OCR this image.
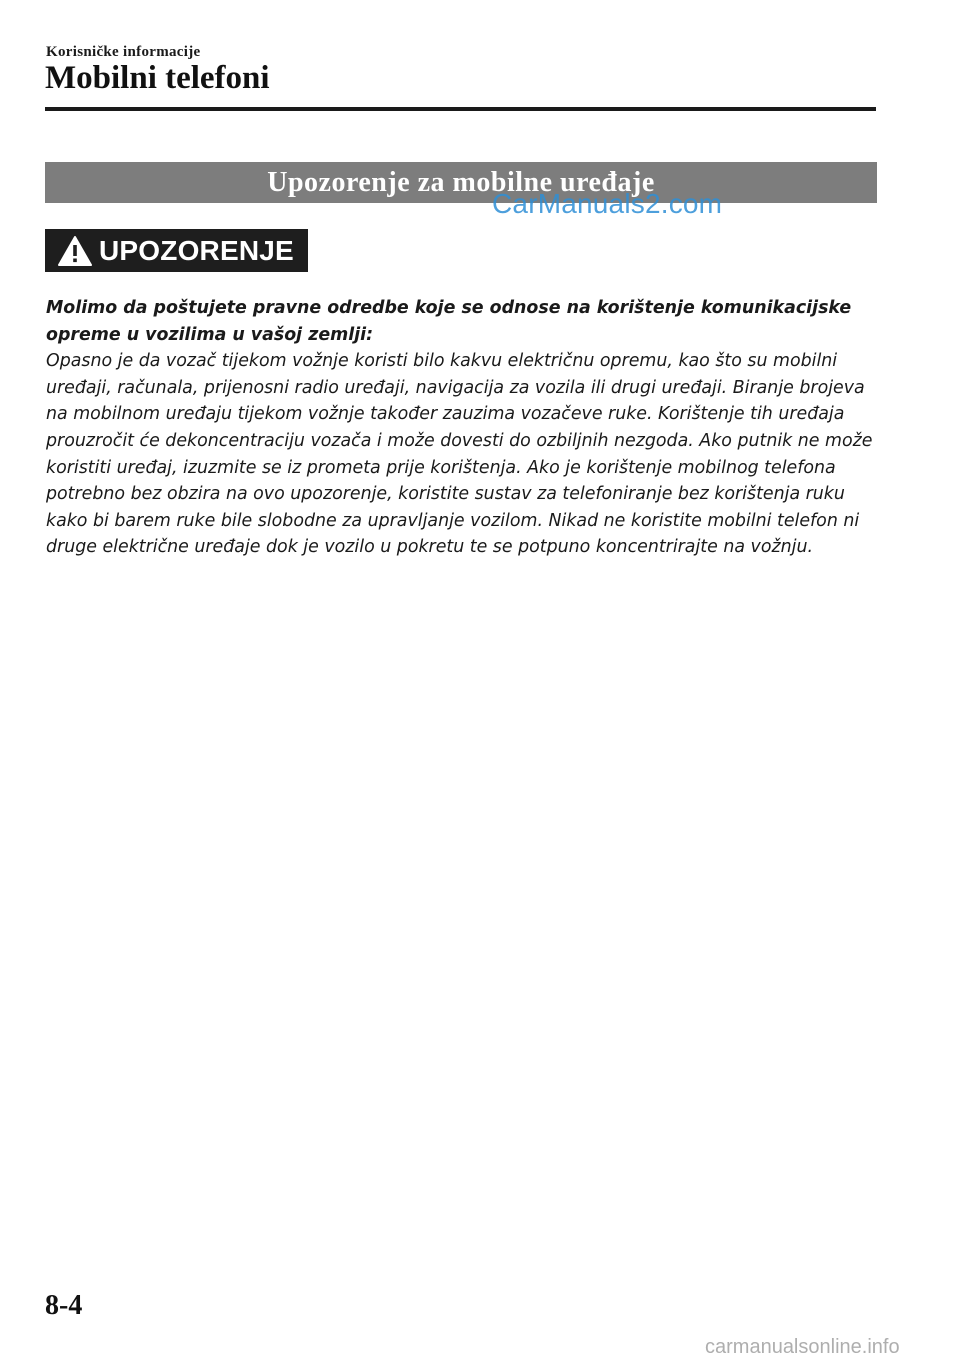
Korisničke informacije
Mobilni telefoni
Upozorenje za mobilne uređaje
CarManuals2.com
UPOZORENJE
Molimo da poštujete pravne odredbe koje se odnose na korištenje komunikacijske opreme u vozilima u vašoj zemlji:
Opasno je da vozač tijekom vožnje koristi bilo kakvu električnu opremu, kao što su mobilni uređaji, računala, prijenosni radio uređaji, navigacija za vozila ili drugi uređaji. Biranje brojeva na mobilnom uređaju tijekom vožnje također zauzima vozačeve ruke. Korištenje tih uređaja prouzročit će dekoncentraciju vozača i može dovesti do ozbiljnih nezgoda. Ako putnik ne može koristiti uređaj, izuzmite se iz prometa prije korištenja. Ako je korištenje mobilnog telefona potrebno bez obzira na ovo upozorenje, koristite sustav za telefoniranje bez korištenja ruku kako bi barem ruke bile slobodne za upravljanje vozilom. Nikad ne koristite mobilni telefon ni druge električne uređaje dok je vozilo u pokretu te se potpuno koncentrirajte na vožnju.
8-4
carmanualsonline.info
